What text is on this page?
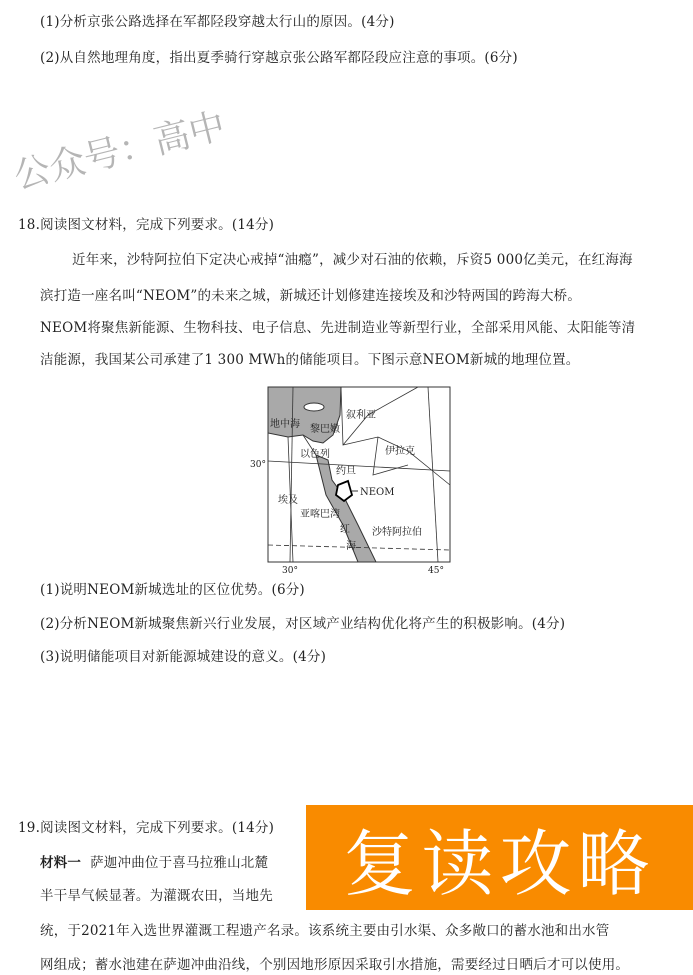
公众号：高中
(1)分析京张公路选择在军都陉段穿越太行山的原因。(4分)
(2)从自然地理角度，指出夏季骑行穿越京张公路军都陉段应注意的事项。(6分)
18.阅读图文材料，完成下列要求。(14分)
近年来，沙特阿拉伯下定决心戒掉“油瘾”，减少对石油的依赖，斥资5 000亿美元，在红海海
滨打造一座名叫“NEOM”的未来之城，新城还计划修建连接埃及和沙特两国的跨海大桥。
NEOM将聚焦新能源、生物科技、电子信息、先进制造业等新型行业，全部采用风能、太阳能等清
洁能源，我国某公司承建了1 300 MWh的储能项目。下图示意NEOM新城的地理位置。
地中海 黎巴嫩
叙利亚
伊拉克
以色列
约旦
NEOM
埃及
亚喀巴湾
红
海
沙特阿拉伯
30°
30°	45°
(1)说明NEOM新城选址的区位优势。(6分)
(2)分析NEOM新城聚焦新兴行业发展，对区域产业结构优化将产生的积极影响。(4分)
(3)说明储能项目对新能源城建设的意义。(4分)
19.阅读图文材料，完成下列要求。(14分)
材料一 萨迦冲曲位于喜马拉雅山北麓
半干旱气候显著。为灌溉农田，当地先
统，于2021年入选世界灌溉工程遗产名录。该系统主要由引水渠、众多敞口的蓄水池和出水管
网组成；蓄水池建在萨迦冲曲沿线，个别因地形原因采取引水措施，需要经过日晒后才可以使用。
复读攻略
